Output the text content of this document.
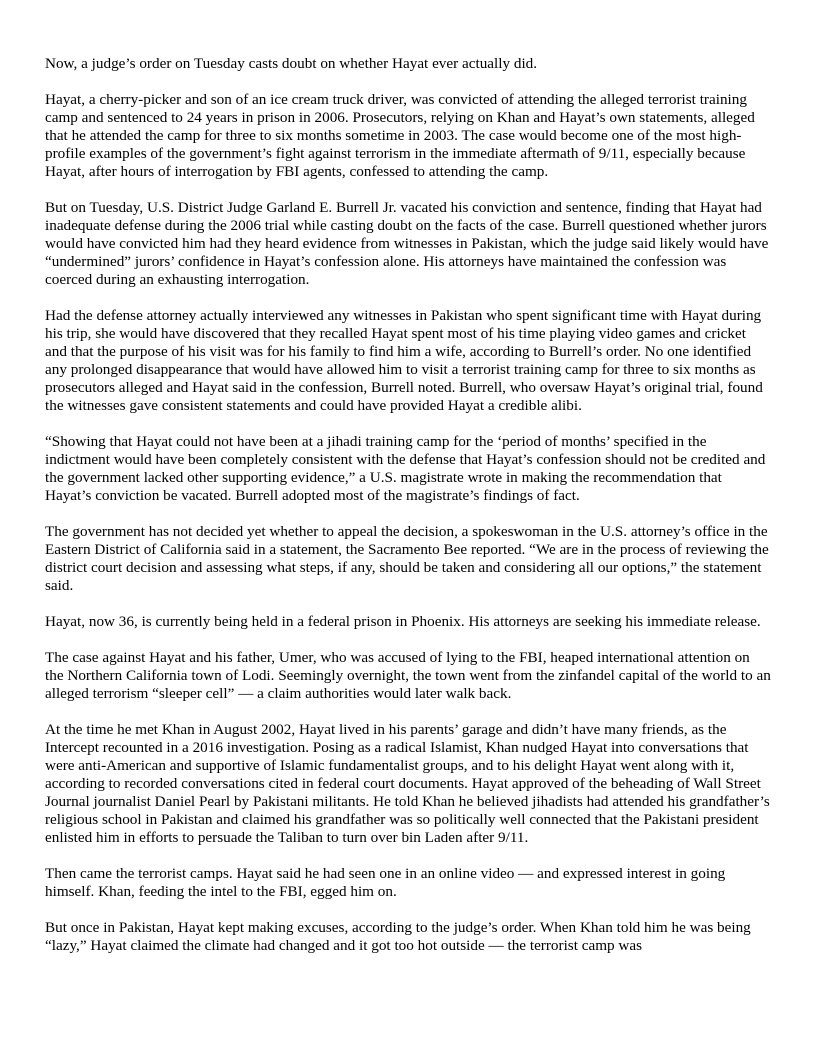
Now, a judge’s order on Tuesday casts doubt on whether Hayat ever actually did.

Hayat, a cherry-picker and son of an ice cream truck driver, was convicted of attending the alleged terrorist training camp and sentenced to 24 years in prison in 2006. Prosecutors, relying on Khan and Hayat’s own statements, alleged that he attended the camp for three to six months sometime in 2003. The case would become one of the most high-profile examples of the government’s fight against terrorism in the immediate aftermath of 9/11, especially because Hayat, after hours of interrogation by FBI agents, confessed to attending the camp.

But on Tuesday, U.S. District Judge Garland E. Burrell Jr. vacated his conviction and sentence, finding that Hayat had inadequate defense during the 2006 trial while casting doubt on the facts of the case. Burrell questioned whether jurors would have convicted him had they heard evidence from witnesses in Pakistan, which the judge said likely would have “undermined” jurors’ confidence in Hayat’s confession alone. His attorneys have maintained the confession was coerced during an exhausting interrogation.

Had the defense attorney actually interviewed any witnesses in Pakistan who spent significant time with Hayat during his trip, she would have discovered that they recalled Hayat spent most of his time playing video games and cricket and that the purpose of his visit was for his family to find him a wife, according to Burrell’s order. No one identified any prolonged disappearance that would have allowed him to visit a terrorist training camp for three to six months as prosecutors alleged and Hayat said in the confession, Burrell noted. Burrell, who oversaw Hayat’s original trial, found the witnesses gave consistent statements and could have provided Hayat a credible alibi.

“Showing that Hayat could not have been at a jihadi training camp for the ‘period of months’ specified in the indictment would have been completely consistent with the defense that Hayat’s confession should not be credited and the government lacked other supporting evidence,” a U.S. magistrate wrote in making the recommendation that Hayat’s conviction be vacated. Burrell adopted most of the magistrate’s findings of fact.

The government has not decided yet whether to appeal the decision, a spokeswoman in the U.S. attorney’s office in the Eastern District of California said in a statement, the Sacramento Bee reported. “We are in the process of reviewing the district court decision and assessing what steps, if any, should be taken and considering all our options,” the statement said.

Hayat, now 36, is currently being held in a federal prison in Phoenix. His attorneys are seeking his immediate release.

The case against Hayat and his father, Umer, who was accused of lying to the FBI, heaped international attention on the Northern California town of Lodi. Seemingly overnight, the town went from the zinfandel capital of the world to an alleged terrorism “sleeper cell” — a claim authorities would later walk back.

At the time he met Khan in August 2002, Hayat lived in his parents’ garage and didn’t have many friends, as the Intercept recounted in a 2016 investigation. Posing as a radical Islamist, Khan nudged Hayat into conversations that were anti-American and supportive of Islamic fundamentalist groups, and to his delight Hayat went along with it, according to recorded conversations cited in federal court documents. Hayat approved of the beheading of Wall Street Journal journalist Daniel Pearl by Pakistani militants. He told Khan he believed jihadists had attended his grandfather’s religious school in Pakistan and claimed his grandfather was so politically well connected that the Pakistani president enlisted him in efforts to persuade the Taliban to turn over bin Laden after 9/11.

Then came the terrorist camps. Hayat said he had seen one in an online video — and expressed interest in going himself. Khan, feeding the intel to the FBI, egged him on.

But once in Pakistan, Hayat kept making excuses, according to the judge’s order. When Khan told him he was being “lazy,” Hayat claimed the climate had changed and it got too hot outside — the terrorist camp was
